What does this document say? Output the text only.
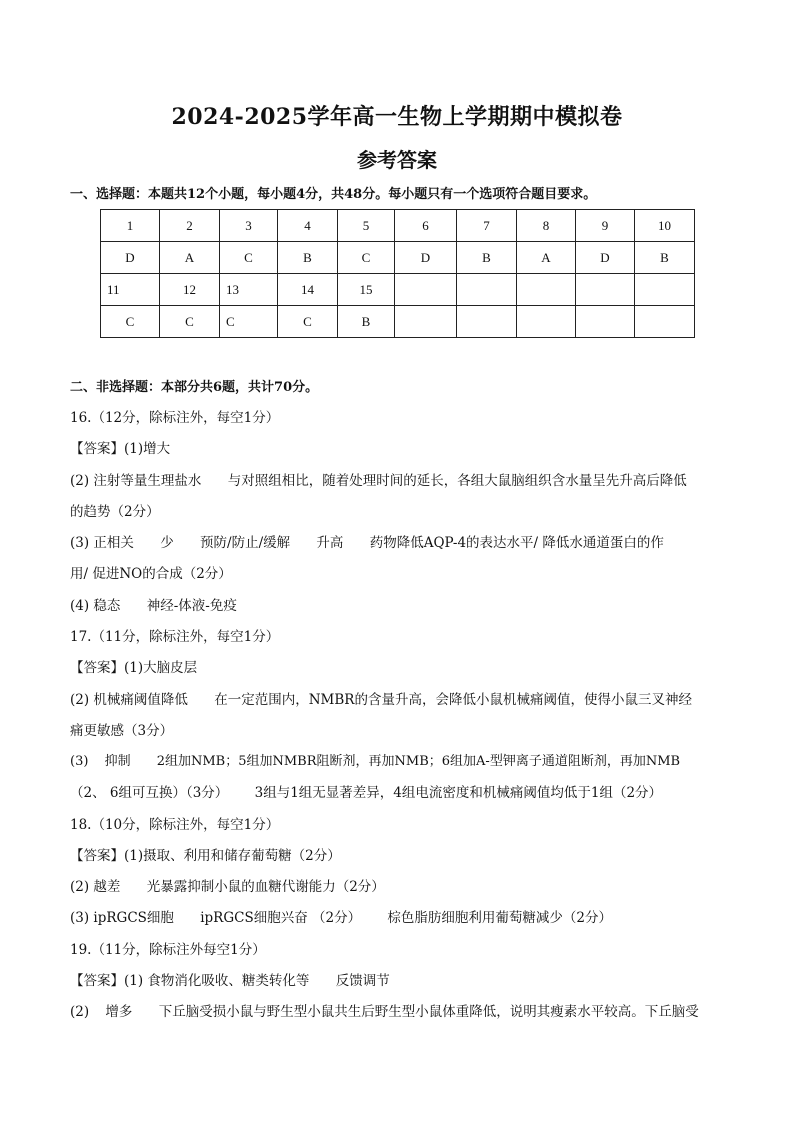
2024-2025学年高一生物上学期期中模拟卷
参考答案
一、选择题：本题共12个小题，每小题4分，共48分。每小题只有一个选项符合题目要求。
1	2	3	4	5	6	7	8	9	10
D	A	C	B	C	D	B	A	D	B
11	12	13	14	15					
C	C	C	C	B					
二、非选择题：本部分共6题，共计70分。
16.（12分，除标注外，每空1分）
【答案】(1)增大
(2) 注射等量生理盐水 与对照组相比，随着处理时间的延长，各组大鼠脑组织含水量呈先升高后降低
的趋势（2分）
(3) 正相关 少 预防/防止/缓解 升高 药物降低AQP-4的表达水平/ 降低水通道蛋白的作
用/ 促进NO的合成（2分）
(4) 稳态 神经-体液-免疫
17.（11分，除标注外，每空1分）
【答案】(1)大脑皮层
(2) 机械痛阈值降低 在一定范围内，NMBR的含量升高，会降低小鼠机械痛阈值，使得小鼠三叉神经
痛更敏感（3分）
(3) 抑制 2组加NMB；5组加NMBR阻断剂，再加NMB；6组加A-型钾离子通道阻断剂，再加NMB
（2、 6组可互换）（3分） 3组与1组无显著差异，4组电流密度和机械痛阈值均低于1组（2分）
18.（10分，除标注外，每空1分）
【答案】(1)摄取、利用和储存葡萄糖（2分）
(2) 越差 光暴露抑制小鼠的血糖代谢能力（2分）
(3) ipRGCS细胞 ipRGCS细胞兴奋 （2分） 棕色脂肪细胞利用葡萄糖减少（2分）
19.（11分，除标注外每空1分）
【答案】(1) 食物消化吸收、糖类转化等 反馈调节
(2) 增多 下丘脑受损小鼠与野生型小鼠共生后野生型小鼠体重降低，说明其瘦素水平较高。下丘脑受
